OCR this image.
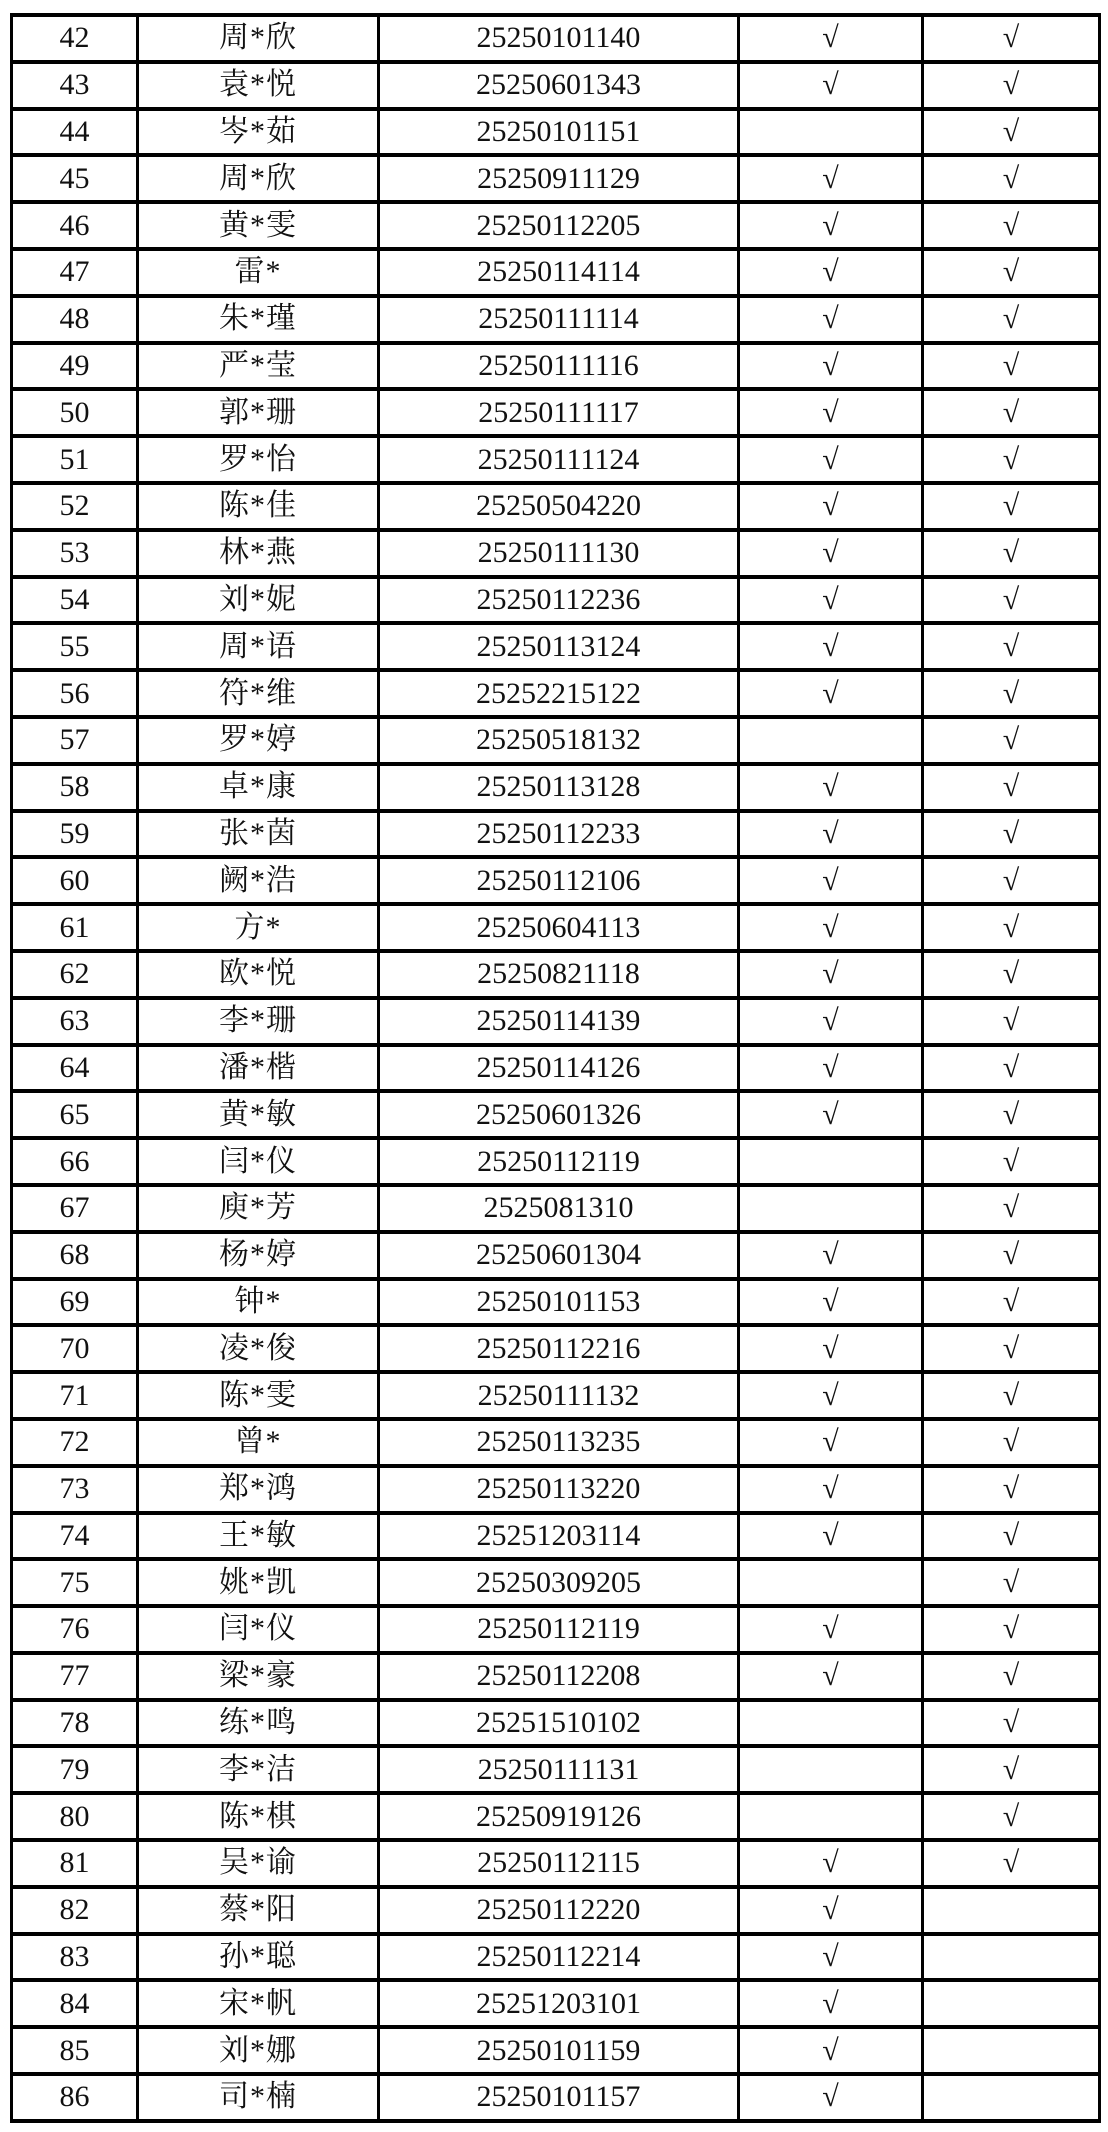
42	周*欣	25250101140	√	√
43	袁*悦	25250601343	√	√
44	岑*茹	25250101151		√
45	周*欣	25250911129	√	√
46	黄*雯	25250112205	√	√
47	雷*	25250114114	√	√
48	朱*瑾	25250111114	√	√
49	严*莹	25250111116	√	√
50	郭*珊	25250111117	√	√
51	罗*怡	25250111124	√	√
52	陈*佳	25250504220	√	√
53	林*燕	25250111130	√	√
54	刘*妮	25250112236	√	√
55	周*语	25250113124	√	√
56	符*维	25252215122	√	√
57	罗*婷	25250518132		√
58	卓*康	25250113128	√	√
59	张*茵	25250112233	√	√
60	阙*浩	25250112106	√	√
61	方*	25250604113	√	√
62	欧*悦	25250821118	√	√
63	李*珊	25250114139	√	√
64	潘*楷	25250114126	√	√
65	黄*敏	25250601326	√	√
66	闫*仪	25250112119		√
67	庾*芳	2525081310		√
68	杨*婷	25250601304	√	√
69	钟*	25250101153	√	√
70	凌*俊	25250112216	√	√
71	陈*雯	25250111132	√	√
72	曾*	25250113235	√	√
73	郑*鸿	25250113220	√	√
74	王*敏	25251203114	√	√
75	姚*凯	25250309205		√
76	闫*仪	25250112119	√	√
77	梁*豪	25250112208	√	√
78	练*鸣	25251510102		√
79	李*洁	25250111131		√
80	陈*棋	25250919126		√
81	吴*谕	25250112115	√	√
82	蔡*阳	25250112220	√	
83	孙*聪	25250112214	√	
84	宋*帆	25251203101	√	
85	刘*娜	25250101159	√	
86	司*楠	25250101157	√	
